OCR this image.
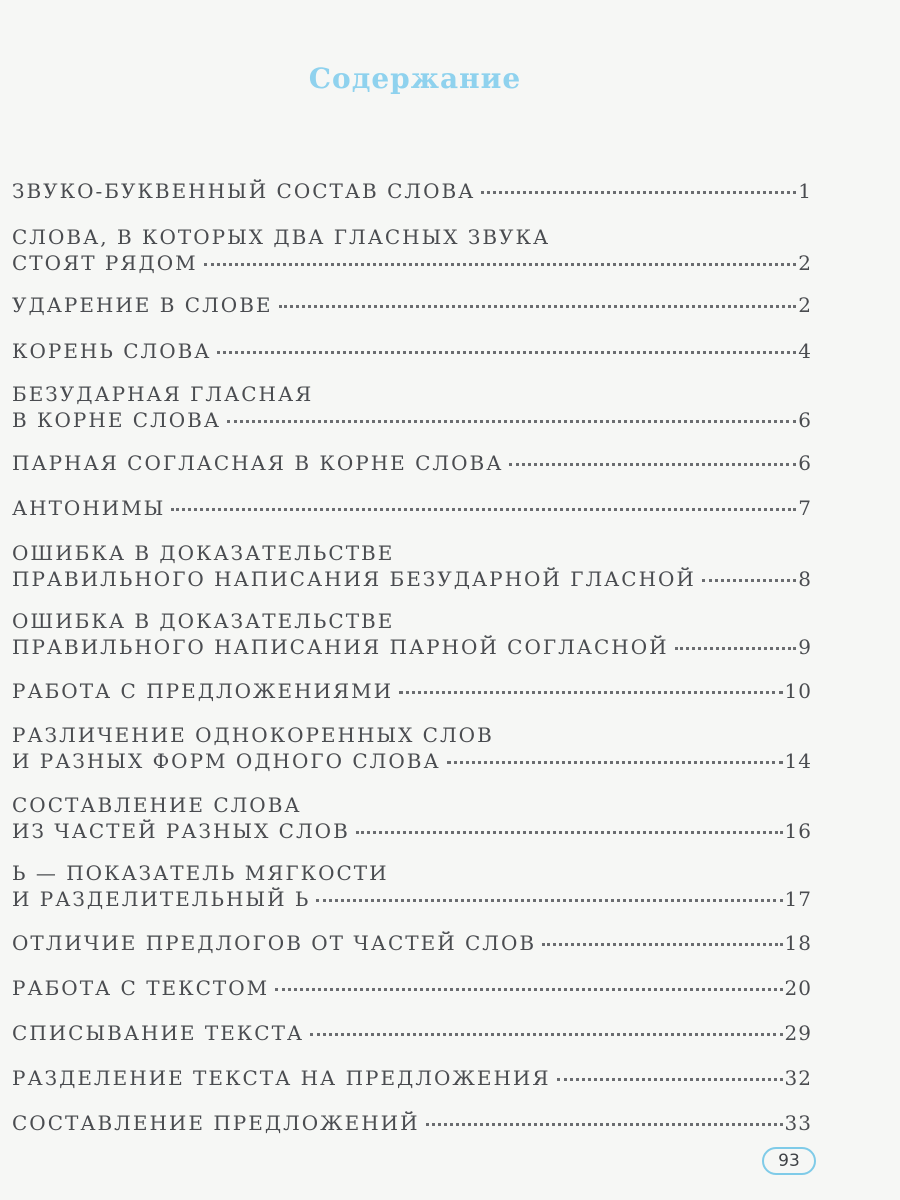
Содержание
ЗВУКО-БУКВЕННЫЙ СОСТАВ СЛОВА	1
СЛОВА, В КОТОРЫХ ДВА ГЛАСНЫХ ЗВУКА
СТОЯТ РЯДОМ	2
УДАРЕНИЕ В СЛОВЕ	2
КОРЕНЬ СЛОВА	4
БЕЗУДАРНАЯ ГЛАСНАЯ
В КОРНЕ СЛОВА	6
ПАРНАЯ СОГЛАСНАЯ В КОРНЕ СЛОВА	6
АНТОНИМЫ	7
ОШИБКА В ДОКАЗАТЕЛЬСТВЕ
ПРАВИЛЬНОГО НАПИСАНИЯ БЕЗУДАРНОЙ ГЛАСНОЙ	8
ОШИБКА В ДОКАЗАТЕЛЬСТВЕ
ПРАВИЛЬНОГО НАПИСАНИЯ ПАРНОЙ СОГЛАСНОЙ	9
РАБОТА С ПРЕДЛОЖЕНИЯМИ	10
РАЗЛИЧЕНИЕ ОДНОКОРЕННЫХ СЛОВ
И РАЗНЫХ ФОРМ ОДНОГО СЛОВА	14
СОСТАВЛЕНИЕ СЛОВА
ИЗ ЧАСТЕЙ РАЗНЫХ СЛОВ	16
Ь — ПОКАЗАТЕЛЬ МЯГКОСТИ
И РАЗДЕЛИТЕЛЬНЫЙ Ь	17
ОТЛИЧИЕ ПРЕДЛОГОВ ОТ ЧАСТЕЙ СЛОВ	18
РАБОТА С ТЕКСТОМ	20
СПИСЫВАНИЕ ТЕКСТА	29
РАЗДЕЛЕНИЕ ТЕКСТА НА ПРЕДЛОЖЕНИЯ	32
СОСТАВЛЕНИЕ ПРЕДЛОЖЕНИЙ	33
93
